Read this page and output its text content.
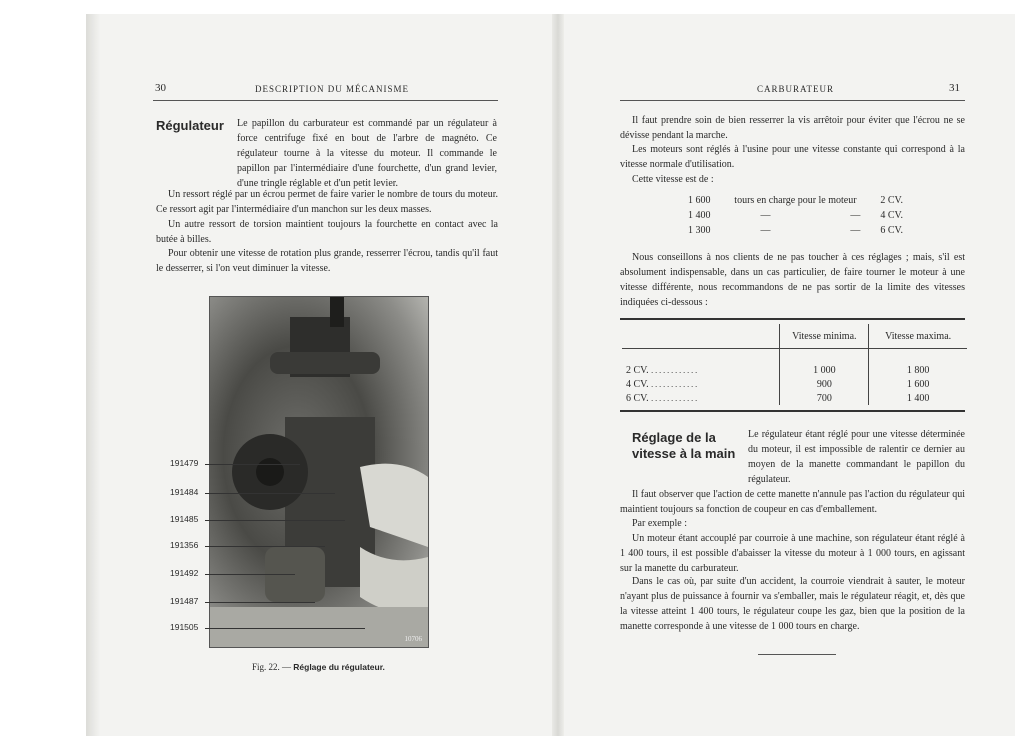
30	DESCRIPTION DU MÉCANISME
Régulateur Le papillon du carburateur est commandé par un régulateur à force centrifuge fixé en bout de l'arbre de magnéto. Ce régulateur tourne à la vitesse du moteur. Il commande le papillon par l'intermédiaire d'une fourchette, d'un grand levier, d'une tringle réglable et d'un petit levier.
Un ressort réglé par un écrou permet de faire varier le nombre de tours du moteur. Ce ressort agit par l'intermédiaire d'un manchon sur les deux masses.
Un autre ressort de torsion maintient toujours la fourchette en contact avec la butée à billes.
Pour obtenir une vitesse de rotation plus grande, resserrer l'écrou, tandis qu'il faut le desserrer, si l'on veut diminuer la vitesse.
10706
191479
191484
191485
191356
191492
191487
191505
Fig. 22. — Réglage du régulateur.
CARBURATEUR	31
Il faut prendre soin de bien resserrer la vis arrêtoir pour éviter que l'écrou ne se dévisse pendant la marche.
Les moteurs sont réglés à l'usine pour une vitesse constante qui correspond à la vitesse normale d'utilisation.
Cette vitesse est de :
1 600 tours en charge pour le moteur 2 CV.
1 400	—	— 4 CV.
1 300	—	— 6 CV.
Nous conseillons à nos clients de ne pas toucher à ces réglages ; mais, s'il est absolument indispensable, dans un cas particulier, de faire tourner le moteur à une vitesse différente, nous recommandons de ne pas sortir de la limite des vitesses indiquées ci-dessous :
	Vitesse minima.	Vitesse maxima.

2 CV. . . . . . . . . . . . .	1 000	1 800
4 CV. . . . . . . . . . . . .	900	1 600
6 CV. . . . . . . . . . . . .	700	1 400
Réglage de la
vitesse à la main
Le régulateur étant réglé pour une vitesse déterminée du moteur, il est impossible de ralentir ce dernier au moyen de la manette commandant le papillon du régulateur.
Il faut observer que l'action de cette manette n'annule pas l'action du régulateur qui maintient toujours sa fonction de coupeur en cas d'emballement.
Par exemple :
Un moteur étant accouplé par courroie à une machine, son régulateur étant réglé à 1 400 tours, il est possible d'abaisser la vitesse du moteur à 1 000 tours, en agissant sur la manette du carburateur.
Dans le cas où, par suite d'un accident, la courroie viendrait à sauter, le moteur n'ayant plus de puissance à fournir va s'emballer, mais le régulateur réagit, et, dès que la vitesse atteint 1 400 tours, le régulateur coupe les gaz, bien que la position de la manette corresponde à une vitesse de 1 000 tours en charge.
